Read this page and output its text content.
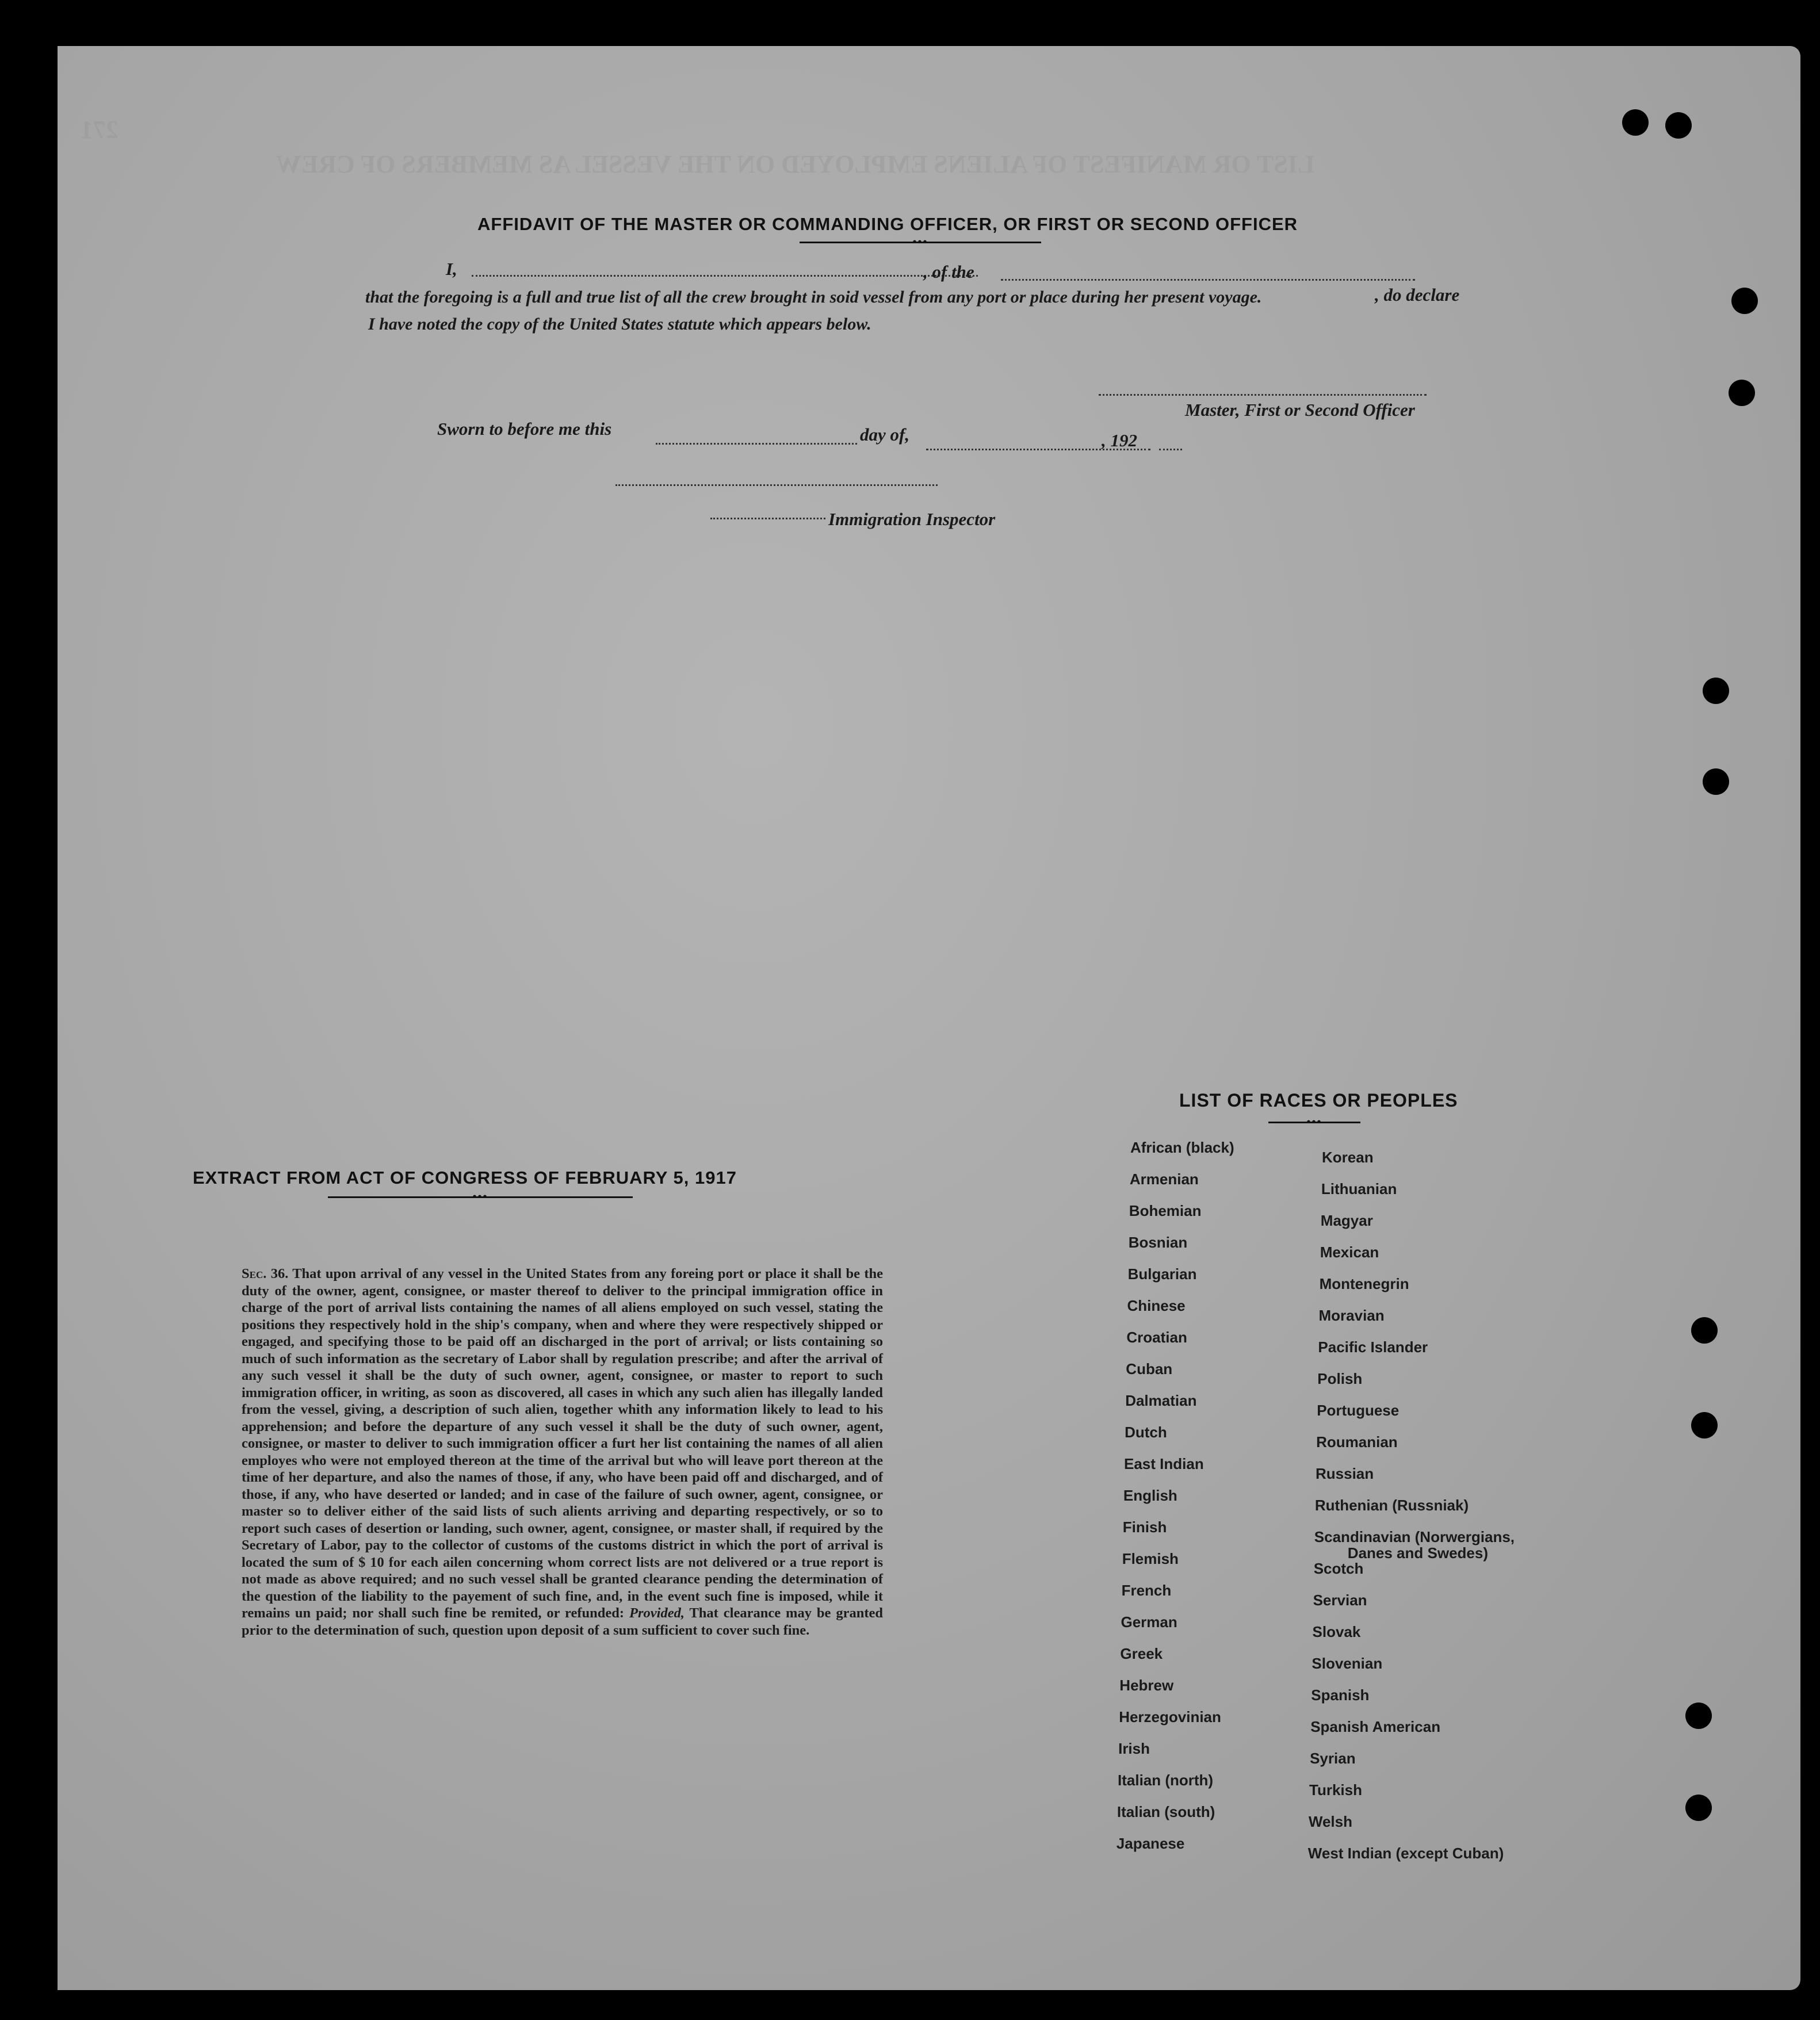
LIST OR MANIFEST OF ALIENS EMPLOYED ON THE VESSEL AS MEMBERS OF CREW
271
AFFIDAVIT OF THE MASTER OR COMMANDING OFFICER, OR FIRST OR SECOND OFFICER
•••
I,	, of the
, do declare
that the foregoing is a full and true list of all the crew brought in soid vessel from any port or place during her present voyage.
I have noted the copy of the United States statute which appears below.
Master, First or Second Officer
Sworn to before me this	day of,	, 192
Immigration Inspector
EXTRACT FROM ACT OF CONGRESS OF FEBRUARY 5, 1917
•••
Sec. 36. That upon arrival of any vessel in the United States from any foreing port or place it shall be the duty of the owner, agent, consignee, or master thereof to deliver to the principal immigration office in charge of the port of arrival lists containing the names of all aliens employed on such vessel, stating the positions they respectively hold in the ship's company, when and where they were respectively shipped or engaged, and specifying those to be paid off an discharged in the port of arrival; or lists containing so much of such information as the secretary of Labor shall by regulation prescribe; and after the arrival of any such vessel it shall be the duty of such owner, agent, consignee, or master to report to such immigration officer, in writing, as soon as discovered, all cases in which any such alien has illegally landed from the vessel, giving, a description of such alien, together whith any information likely to lead to his apprehension; and before the departure of any such vessel it shall be the duty of such owner, agent, consignee, or master to deliver to such immigration officer a furt her list containing the names of all alien employes who were not employed thereon at the time of the arrival but who will leave port thereon at the time of her departure, and also the names of those, if any, who have been paid off and discharged, and of those, if any, who have deserted or landed; and in case of the failure of such owner, agent, consignee, or master so to deliver either of the said lists of such alients arriving and departing respectively, or so to report such cases of desertion or landing, such owner, agent, consignee, or master shall, if required by the Secretary of Labor, pay to the collector of customs of the customs district in which the port of arrival is located the sum of $ 10 for each ailen concerning whom correct lists are not delivered or a true report is not made as above required; and no such vessel shall be granted clearance pending the determination of the question of the liability to the payement of such fine, and, in the event such fine is imposed, while it remains un paid; nor shall such fine be remited, or refunded: Provided, That clearance may be granted prior to the determination of such, question upon deposit of a sum sufficient to cover such fine.
LIST OF RACES OR PEOPLES
•••
African (black)
Armenian
Bohemian
Bosnian
Bulgarian
Chinese
Croatian
Cuban
Dalmatian
Dutch
East Indian
English
Finish
Flemish
French
German
Greek
Hebrew
Herzegovinian
Irish
Italian (north)
Italian (south)
Japanese
Korean
Lithuanian
Magyar
Mexican
Montenegrin
Moravian
Pacific Islander
Polish
Portuguese
Roumanian
Russian
Ruthenian (Russniak)
Scandinavian (Norwergians,
Danes and Swedes)
Scotch
Servian
Slovak
Slovenian
Spanish
Spanish American
Syrian
Turkish
Welsh
West Indian (except Cuban)
